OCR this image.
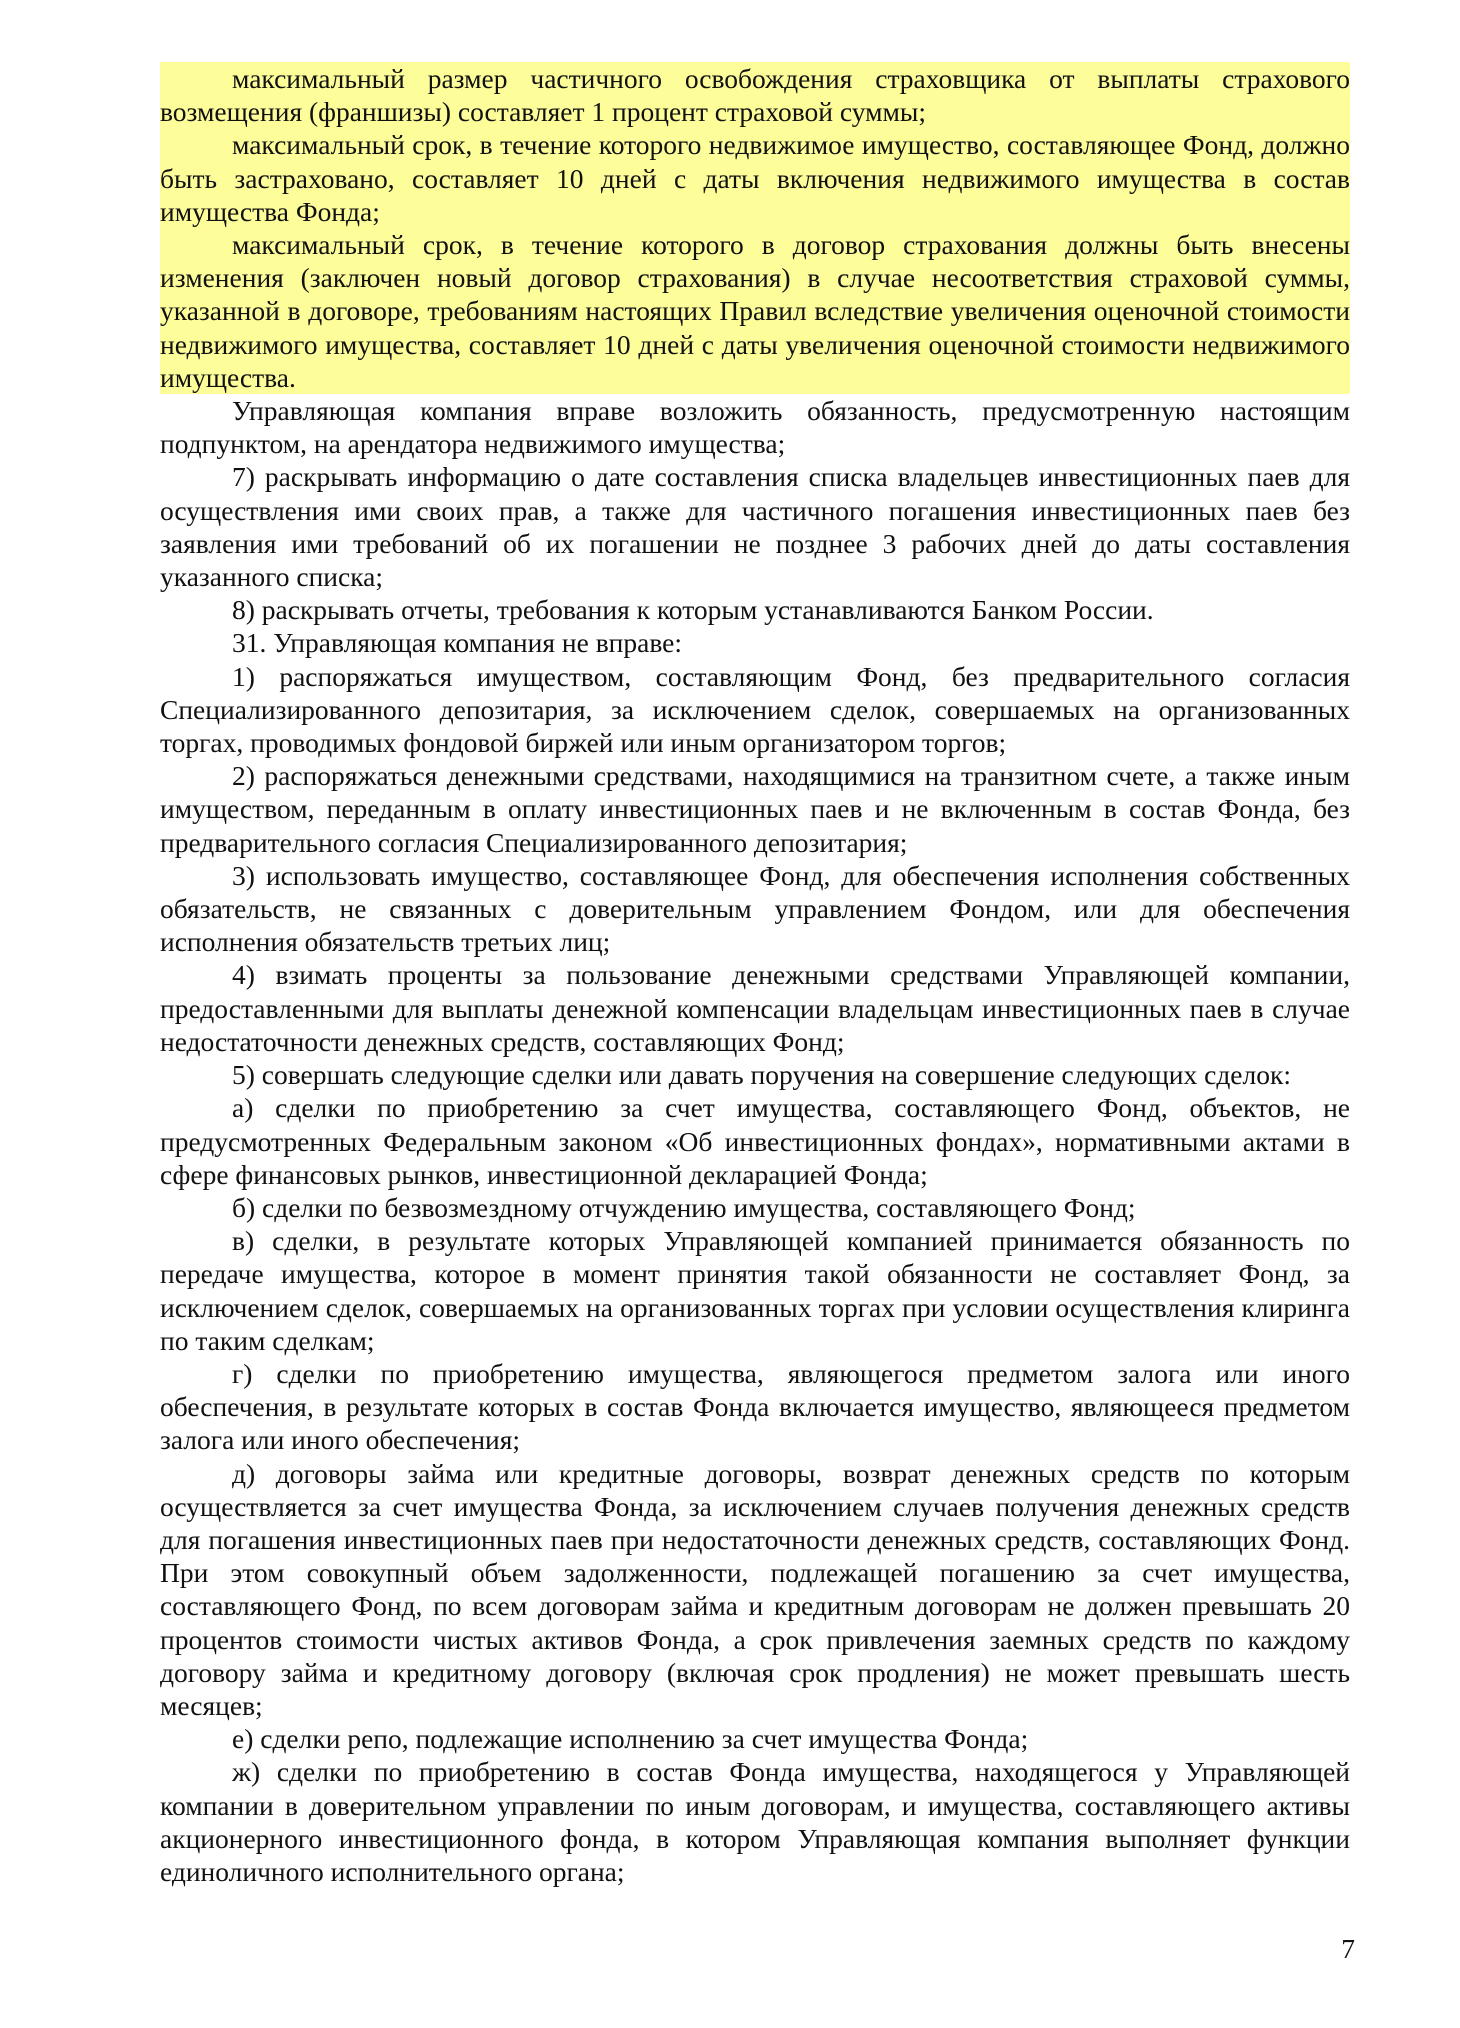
максимальный размер частичного освобождения страховщика от выплаты страхового возмещения (франшизы) составляет 1 процент страховой суммы;

максимальный срок, в течение которого недвижимое имущество, составляющее Фонд, должно быть застраховано, составляет 10 дней с даты включения недвижимого имущества в состав имущества Фонда;

максимальный срок, в течение которого в договор страхования должны быть внесены изменения (заключен новый договор страхования) в случае несоответствия страховой суммы, указанной в договоре, требованиям настоящих Правил вследствие увеличения оценочной стоимости недвижимого имущества, составляет 10 дней с даты увеличения оценочной стоимости недвижимого имущества.

Управляющая компания вправе возложить обязанность, предусмотренную настоящим подпунктом, на арендатора недвижимого имущества;

7) раскрывать информацию о дате составления списка владельцев инвестиционных паев для осуществления ими своих прав, а также для частичного погашения инвестиционных паев без заявления ими требований об их погашении не позднее 3 рабочих дней до даты составления указанного списка;

8) раскрывать отчеты, требования к которым устанавливаются Банком России.

31. Управляющая компания не вправе:

1) распоряжаться имуществом, составляющим Фонд, без предварительного согласия Специализированного депозитария, за исключением сделок, совершаемых на организованных торгах, проводимых фондовой биржей или иным организатором торгов;

2) распоряжаться денежными средствами, находящимися на транзитном счете, а также иным имуществом, переданным в оплату инвестиционных паев и не включенным в состав Фонда, без предварительного согласия Специализированного депозитария;

3) использовать имущество, составляющее Фонд, для обеспечения исполнения собственных обязательств, не связанных с доверительным управлением Фондом, или для обеспечения исполнения обязательств третьих лиц;

4) взимать проценты за пользование денежными средствами Управляющей компании, предоставленными для выплаты денежной компенсации владельцам инвестиционных паев в случае недостаточности денежных средств, составляющих Фонд;

5) совершать следующие сделки или давать поручения на совершение следующих сделок:

а) сделки по приобретению за счет имущества, составляющего Фонд, объектов, не предусмотренных Федеральным законом «Об инвестиционных фондах», нормативными актами в сфере финансовых рынков, инвестиционной декларацией Фонда;

б) сделки по безвозмездному отчуждению имущества, составляющего Фонд;

в) сделки, в результате которых Управляющей компанией принимается обязанность по передаче имущества, которое в момент принятия такой обязанности не составляет Фонд, за исключением сделок, совершаемых на организованных торгах при условии осуществления клиринга по таким сделкам;

г) сделки по приобретению имущества, являющегося предметом залога или иного обеспечения, в результате которых в состав Фонда включается имущество, являющееся предметом залога или иного обеспечения;

д) договоры займа или кредитные договоры, возврат денежных средств по которым осуществляется за счет имущества Фонда, за исключением случаев получения денежных средств для погашения инвестиционных паев при недостаточности денежных средств, составляющих Фонд. При этом совокупный объем задолженности, подлежащей погашению за счет имущества, составляющего Фонд, по всем договорам займа и кредитным договорам не должен превышать 20 процентов стоимости чистых активов Фонда, а срок привлечения заемных средств по каждому договору займа и кредитному договору (включая срок продления) не может превышать шесть месяцев;

е) сделки репо, подлежащие исполнению за счет имущества Фонда;

ж) сделки по приобретению в состав Фонда имущества, находящегося у Управляющей компании в доверительном управлении по иным договорам, и имущества, составляющего активы акционерного инвестиционного фонда, в котором Управляющая компания выполняет функции единоличного исполнительного органа;

7
